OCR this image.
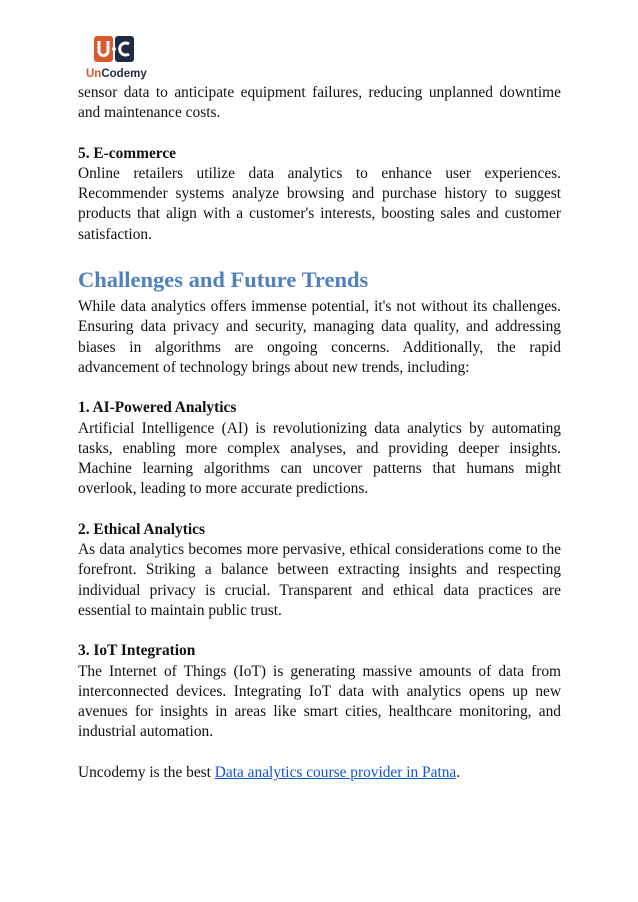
UnCodemy

sensor data to anticipate equipment failures, reducing unplanned downtime and maintenance costs.

5. E-commerce

Online retailers utilize data analytics to enhance user experiences. Recommender systems analyze browsing and purchase history to suggest products that align with a customer's interests, boosting sales and customer satisfaction.

Challenges and Future Trends

While data analytics offers immense potential, it's not without its challenges. Ensuring data privacy and security, managing data quality, and addressing biases in algorithms are ongoing concerns. Additionally, the rapid advancement of technology brings about new trends, including:

1. AI-Powered Analytics

Artificial Intelligence (AI) is revolutionizing data analytics by automating tasks, enabling more complex analyses, and providing deeper insights. Machine learning algorithms can uncover patterns that humans might overlook, leading to more accurate predictions.

2. Ethical Analytics

As data analytics becomes more pervasive, ethical considerations come to the forefront. Striking a balance between extracting insights and respecting individual privacy is crucial. Transparent and ethical data practices are essential to maintain public trust.

3. IoT Integration

The Internet of Things (IoT) is generating massive amounts of data from interconnected devices. Integrating IoT data with analytics opens up new avenues for insights in areas like smart cities, healthcare monitoring, and industrial automation.

Uncodemy is the best Data analytics course provider in Patna.
